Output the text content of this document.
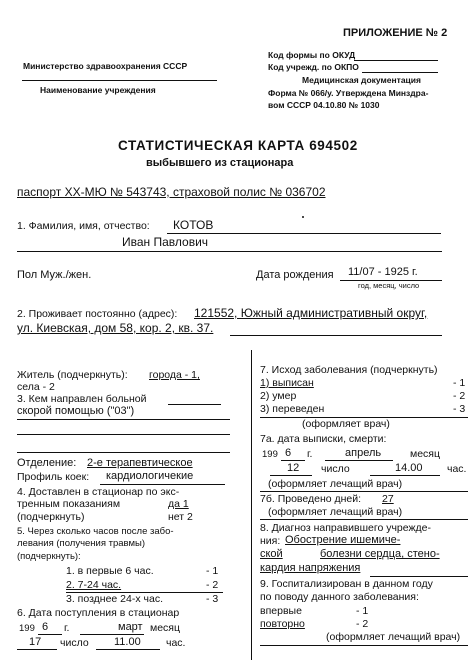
ПРИЛОЖЕНИЕ № 2
Министерство здравоохранения СССР
Наименование учреждения
Код формы по ОКУД
Код учрежд. по ОКПО
Медицинская документация
Форма № 066/у. Утверждена Минздра-
вом СССР 04.10.80 № 1030
СТАТИСТИЧЕСКАЯ КАРТА 694502
выбывшего из стационара
паспорт ХХ-МЮ № 543743, страховой полис № 036702
1. Фамилия, имя, отчество: КОТОВ
Иван Павлович
Пол Муж./жен.	Дата рождения 11/07 - 1925 г.
год, месяц, число
2. Проживает постоянно (адрес): 121552, Южный административный округ,
ул. Киевская, дом 58, кор. 2, кв. 37.
Житель (подчеркнуть): города - 1,
села - 2
3. Кем направлен больной
скорой помощью ("03")
Отделение: 2-е терапевтическое
Профиль коек: кардиологичекие
4. Доставлен в стационар по экс-
тренным показаниям	да 1
(подчеркнуть)	нет 2
5. Через сколько часов после забо-
левания (получения травмы)
(подчеркнуть):
1. в первые 6 час.	- 1
2. 7-24 час.	- 2
3. позднее 24-х час.	- 3
6. Дата поступления в стационар
199 6 г.	март месяц
17 число 11.00 час.
7. Исход заболевания (подчеркнуть)
1) выписан	- 1
2) умер	- 2
3) переведен	- 3
(оформляет врач)
7а. дата выписки, смерти:
199 6 г.	апрель	месяц
12 число	14.00 час.
(оформляет лечащий врач)
7б. Проведено дней: 27
(оформляет лечащий врач)
8. Диагноз направившего учрежде-
ния: Обострение ишемиче-
ской	болезни сердца, стено-
кардия напряжения
9. Госпитализирован в данном году
по поводу данного заболевания:
впервые	- 1
повторно	- 2
(оформляет лечащий врач)
